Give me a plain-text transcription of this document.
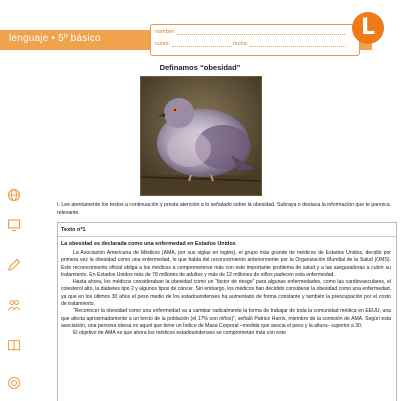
lenguaje • 5º básico
nombre:
curso:	fecha:
L
Definamos “obesidad”
I. Lee atentamente los textos a continuación y presta atención a lo señalado sobre la obesidad. Subraya o destaca la información que te parezca relevante.
Texto nº1
La obesidad es declarada como una enfermedad en Estados Unidos

La Asociación Americana de Médicos (AMA, por sus siglas en inglés), el grupo más grande de médicos de Estados Unidos, decidió por primera vez la obesidad como una enfermedad, lo que habla del reconocimiento anteriormente por la Organización Mundial de la Salud (OMS). Este reconocimiento oficial obliga a los médicos a comprometerse más con este importante problema de salud y a las aseguradoras a cubrir su tratamiento. En Estados Unidos más de 78 millones de adultos y más de 12 millones de niños padecen esta enfermedad.

Hasta ahora, los médicos consideraban la obesidad como un “factor de riesgo” para algunas enfermedades, como las cardiovasculares, el colesterol alto, la diabetes tipo 2 y algunos tipos de cáncer. Sin embargo, los médicos han decidido considerar la obesidad como una enfermedad, ya que en los últimos 30 años el peso medio de los estadounidenses ha aumentado de forma constante y también la preocupación por el costo de tratamiento.

“Reconocer la obesidad como una enfermedad va a cambiar radicalmente la forma de trabajar de toda la comunidad médica en EEUU, una que afecta aproximadamente a un tercio de la población (el 17% son niños)”, señaló Patrice Harris, miembro de la comisión de AMA. Según esta asociación, una persona obesa es aquel que tiene un Índice de Masa Corporal –medida que asocia el peso y la altura– superior a 30.

El objetivo de AMA es que ahora los médicos estadounidenses se comprometan más con este
